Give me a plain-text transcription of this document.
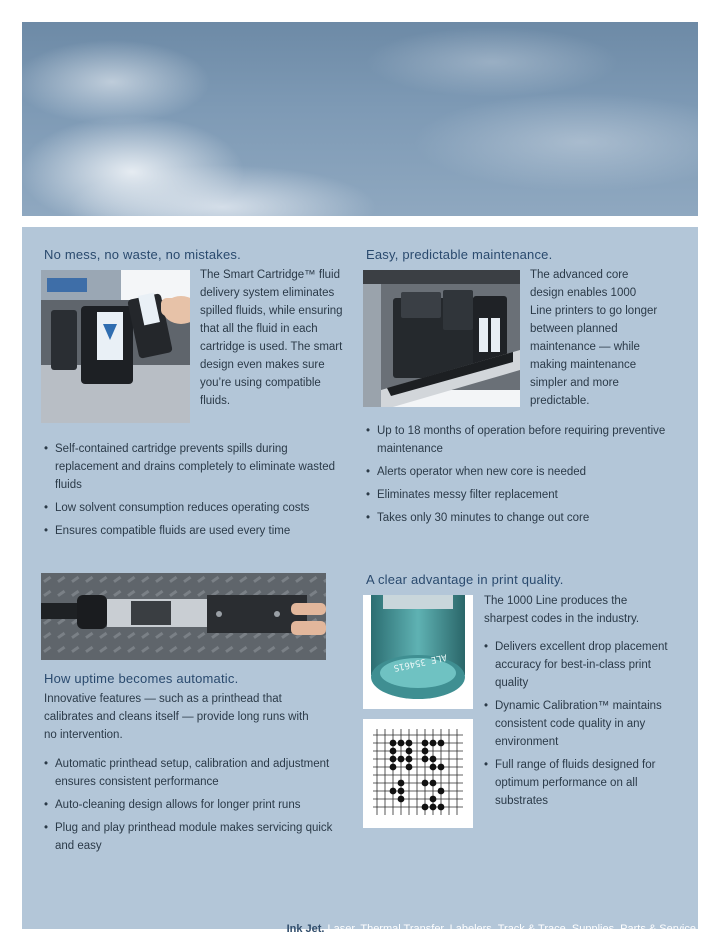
No mess, no waste, no mistakes.

The Smart Cartridge™ fluid delivery system eliminates spilled fluids, while ensuring that all the fluid in each cartridge is used. The smart design even makes sure you’re using compatible fluids.

• Self-contained cartridge prevents spills during replacement and drains completely to eliminate wasted fluids
• Low solvent consumption reduces operating costs
• Ensures compatible fluids are used every time
Easy, predictable maintenance.

The advanced core design enables 1000 Line printers to go longer between planned maintenance — while making maintenance simpler and more predictable.

• Up to 18 months of operation before requiring preventive maintenance
• Alerts operator when new core is needed
• Eliminates messy filter replacement
• Takes only 30 minutes to change out core
How uptime becomes automatic.

Innovative features — such as a printhead that calibrates and cleans itself — provide long runs with no intervention.

• Automatic printhead setup, calibration and adjustment ensures consistent performance
• Auto-cleaning design allows for longer print runs
• Plug and play printhead module makes servicing quick and easy
A clear advantage in print quality.
ALE 35461S

The 1000 Line produces the sharpest codes in the industry.

• Delivers excellent drop placement accuracy for best-in-class print quality
• Dynamic Calibration™ maintains consistent code quality in any environment
• Full range of fluids designed for optimum performance on all substrates
Ink Jet. Laser, Thermal Transfer, Labelers, Track & Trace, Supplies, Parts & Service
